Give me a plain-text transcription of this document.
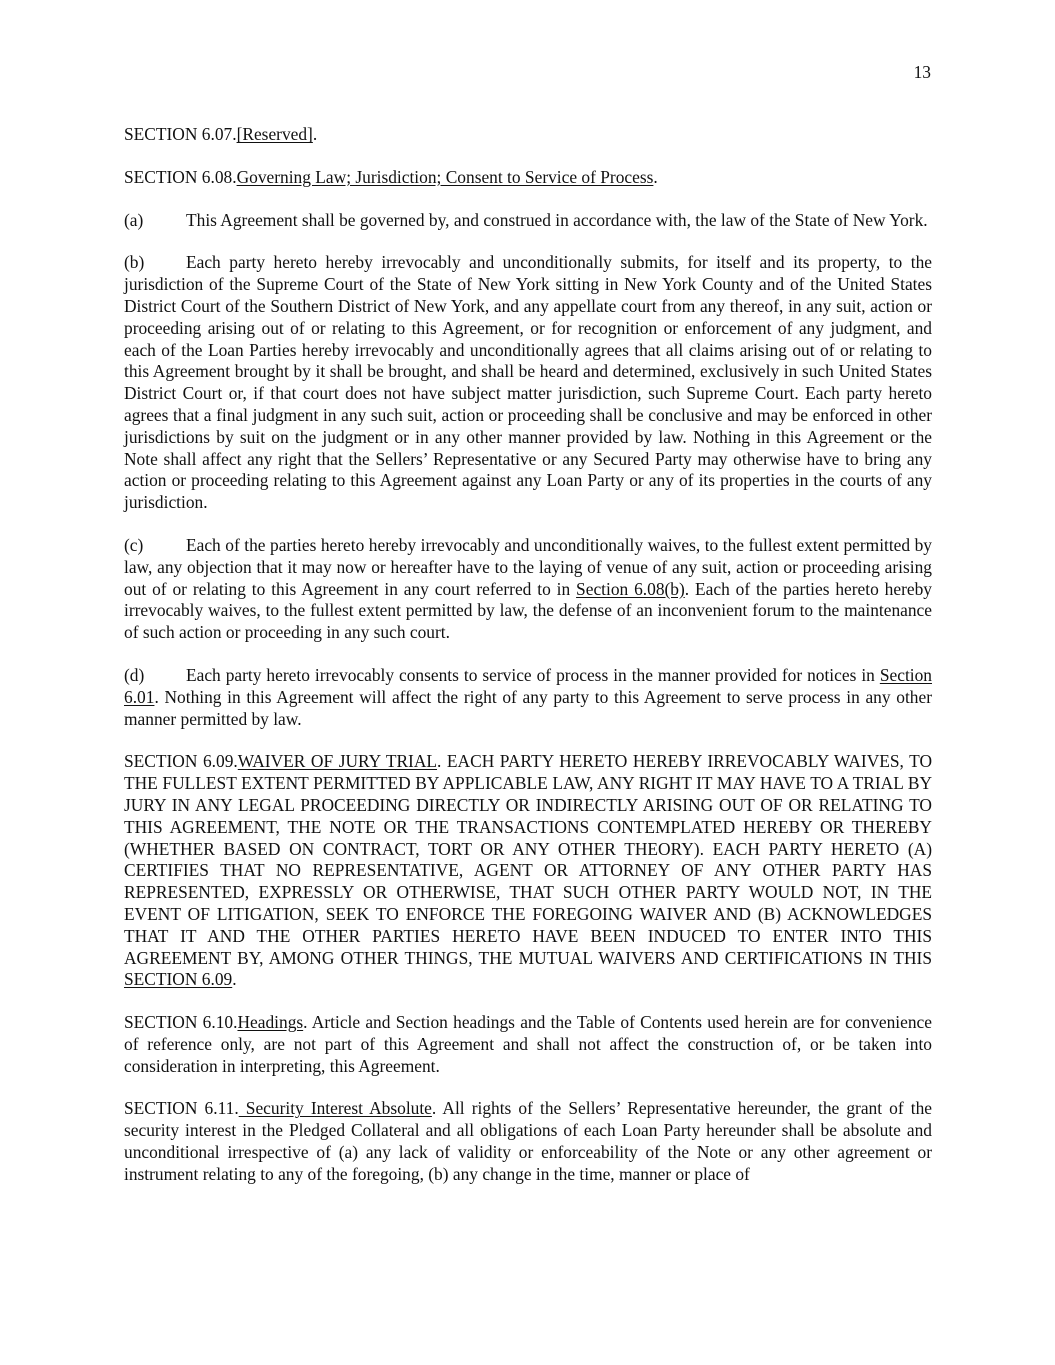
13

SECTION 6.07.[Reserved].

SECTION 6.08.Governing Law; Jurisdiction; Consent to Service of Process.

(a) This Agreement shall be governed by, and construed in accordance with, the law of the State of New York.

(b) Each party hereto hereby irrevocably and unconditionally submits, for itself and its property, to the jurisdiction of the Supreme Court of the State of New York sitting in New York County and of the United States District Court of the Southern District of New York, and any appellate court from any thereof, in any suit, action or proceeding arising out of or relating to this Agreement, or for recognition or enforcement of any judgment, and each of the Loan Parties hereby irrevocably and unconditionally agrees that all claims arising out of or relating to this Agreement brought by it shall be brought, and shall be heard and determined, exclusively in such United States District Court or, if that court does not have subject matter jurisdiction, such Supreme Court. Each party hereto agrees that a final judgment in any such suit, action or proceeding shall be conclusive and may be enforced in other jurisdictions by suit on the judgment or in any other manner provided by law. Nothing in this Agreement or the Note shall affect any right that the Sellers’ Representative or any Secured Party may otherwise have to bring any action or proceeding relating to this Agreement against any Loan Party or any of its properties in the courts of any jurisdiction.

(c) Each of the parties hereto hereby irrevocably and unconditionally waives, to the fullest extent permitted by law, any objection that it may now or hereafter have to the laying of venue of any suit, action or proceeding arising out of or relating to this Agreement in any court referred to in Section 6.08(b). Each of the parties hereto hereby irrevocably waives, to the fullest extent permitted by law, the defense of an inconvenient forum to the maintenance of such action or proceeding in any such court.

(d) Each party hereto irrevocably consents to service of process in the manner provided for notices in Section 6.01. Nothing in this Agreement will affect the right of any party to this Agreement to serve process in any other manner permitted by law.

SECTION 6.09.WAIVER OF JURY TRIAL. EACH PARTY HERETO HEREBY IRREVOCABLY WAIVES, TO THE FULLEST EXTENT PERMITTED BY APPLICABLE LAW, ANY RIGHT IT MAY HAVE TO A TRIAL BY JURY IN ANY LEGAL PROCEEDING DIRECTLY OR INDIRECTLY ARISING OUT OF OR RELATING TO THIS AGREEMENT, THE NOTE OR THE TRANSACTIONS CONTEMPLATED HEREBY OR THEREBY (WHETHER BASED ON CONTRACT, TORT OR ANY OTHER THEORY). EACH PARTY HERETO (A) CERTIFIES THAT NO REPRESENTATIVE, AGENT OR ATTORNEY OF ANY OTHER PARTY HAS REPRESENTED, EXPRESSLY OR OTHERWISE, THAT SUCH OTHER PARTY WOULD NOT, IN THE EVENT OF LITIGATION, SEEK TO ENFORCE THE FOREGOING WAIVER AND (B) ACKNOWLEDGES THAT IT AND THE OTHER PARTIES HERETO HAVE BEEN INDUCED TO ENTER INTO THIS AGREEMENT BY, AMONG OTHER THINGS, THE MUTUAL WAIVERS AND CERTIFICATIONS IN THIS SECTION 6.09.

SECTION 6.10.Headings. Article and Section headings and the Table of Contents used herein are for convenience of reference only, are not part of this Agreement and shall not affect the construction of, or be taken into consideration in interpreting, this Agreement.

SECTION 6.11. Security Interest Absolute. All rights of the Sellers’ Representative hereunder, the grant of the security interest in the Pledged Collateral and all obligations of each Loan Party hereunder shall be absolute and unconditional irrespective of (a) any lack of validity or enforceability of the Note or any other agreement or instrument relating to any of the foregoing, (b) any change in the time, manner or place of
